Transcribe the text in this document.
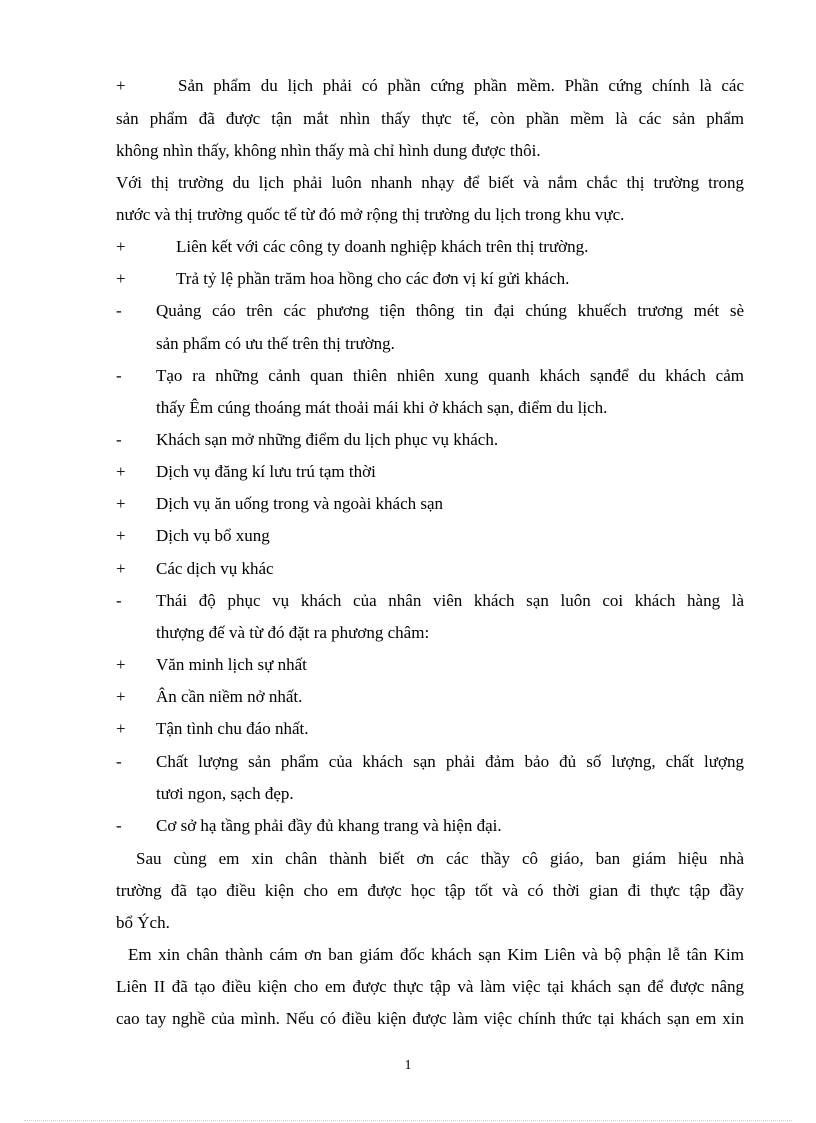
+	Sản phẩm du lịch phải có phần cứng phần mềm. Phần cứng chính là các
sản phẩm đã được tận mắt nhìn thấy thực tế, còn phần mềm là các sản phẩm
không nhìn thấy, không nhìn thấy mà chỉ hình dung được thôi.
Với thị trường du lịch phải luôn nhanh nhạy để biết và nắm chắc thị trường trong
nước và thị trường quốc tế từ đó mở rộng thị trường du lịch trong khu vực.
+	Liên kết với các công ty doanh nghiệp khách trên thị trường.
+	Trả tỷ lệ phần trăm hoa hồng cho các đơn vị kí gửi khách.
-	Quảng cáo trên các phương tiện thông tin đại chúng khuếch trương mét sè
sản phẩm có ưu thế trên thị trường.
-	Tạo ra những cảnh quan thiên nhiên xung quanh khách sạnđể du khách cảm
thấy Êm cúng thoáng mát thoải mái khi ở khách sạn, điểm du lịch.
-	Khách sạn mở những điểm du lịch phục vụ khách.
+	Dịch vụ đăng kí lưu trú tạm thời
+	Dịch vụ ăn uống trong và ngoài khách sạn
+	Dịch vụ bổ xung
+	Các dịch vụ khác
-	Thái độ phục vụ khách của nhân viên khách sạn luôn coi khách hàng là
thượng đế và từ đó đặt ra phương châm:
+	Văn minh lịch sự nhất
+	Ân cần niềm nở nhất.
+	Tận tình chu đáo nhất.
-	Chất lượng sản phẩm của khách sạn phải đảm bảo đủ số lượng, chất lượng
tươi ngon, sạch đẹp.
-	Cơ sở hạ tầng phải đầy đủ khang trang và hiện đại.
Sau cùng em xin chân thành biết ơn các thầy cô giáo, ban giám hiệu nhà
trường đã tạo điều kiện cho em được học tập tốt và có thời gian đi thực tập đầy
bổ Ých.
Em xin chân thành cám ơn ban giám đốc khách sạn Kim Liên và bộ phận lễ tân Kim
Liên II đã tạo điều kiện cho em được thực tập và làm việc tại khách sạn để được nâng
cao tay nghề của mình. Nếu có điều kiện được làm việc chính thức tại khách sạn em xin
1
